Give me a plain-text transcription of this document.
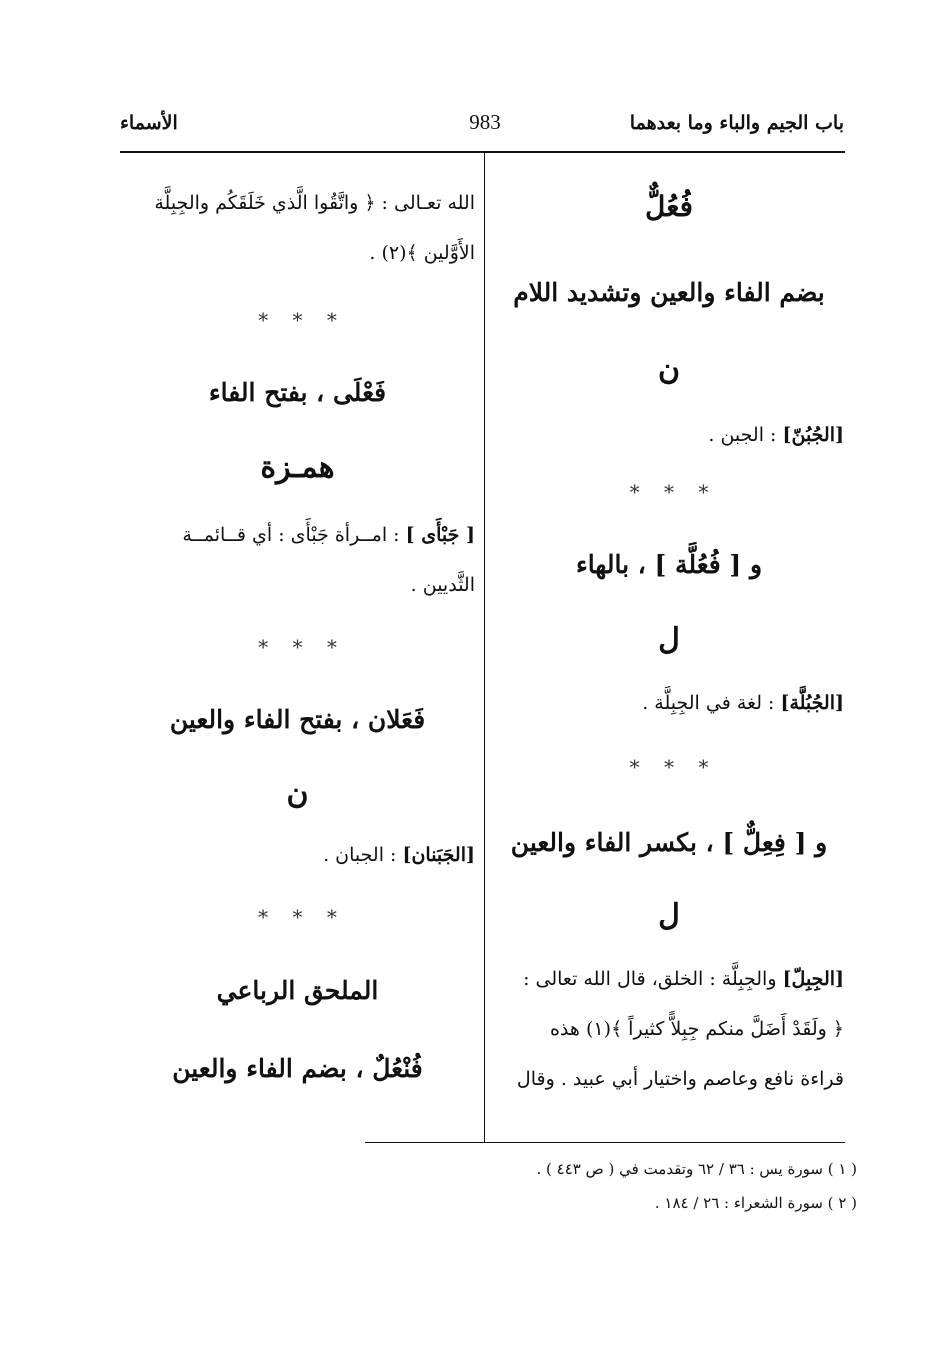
باب الجيم والباء وما بعدهما
983
الأسماء
فُعُلٌّ
بضم الفاء والعين وتشديد اللام
ن
[الجُبُنّ] : الجبن .
* * *
و [ فُعُلَّة ] ، بالهاء
ل
[الجُبُلَّة] : لغة في الجِبِلَّة .
* * *
و [ فِعِلٌّ ] ، بكسر الفاء والعين
ل
[الجِبِلّ] والجِبِلَّة : الخلق، قال الله تعالى :
﴿ ولَقَدْ أَضَلَّ منكم جِبِلاًّ كثيراً ﴾(١) هذه
قراءة نافع وعاصم واختيار أبي عبيد . وقال
الله تعـالى : ﴿ واتَّقُوا الَّذي خَلَقَكُم والجِبِلَّة
الأَوَّلين ﴾(٢) .
* * *
فَعْلَى ، بفتح الفاء
همـزة
[ جَبْأَى ] : امــرأة جَبْأَى : أي قــائمــة
الثَّديين .
* * *
فَعَلان ، بفتح الفاء والعين
ن
[الجَبَنان] : الجبان .
* * *
الملحق الرباعي
فُنْعُلٌ ، بضم الفاء والعين
( ١ ) سورة يس : ٣٦ / ٦٢ وتقدمت في ( ص ٤٤٣ ) .
( ٢ ) سورة الشعراء : ٢٦ / ١٨٤ .
